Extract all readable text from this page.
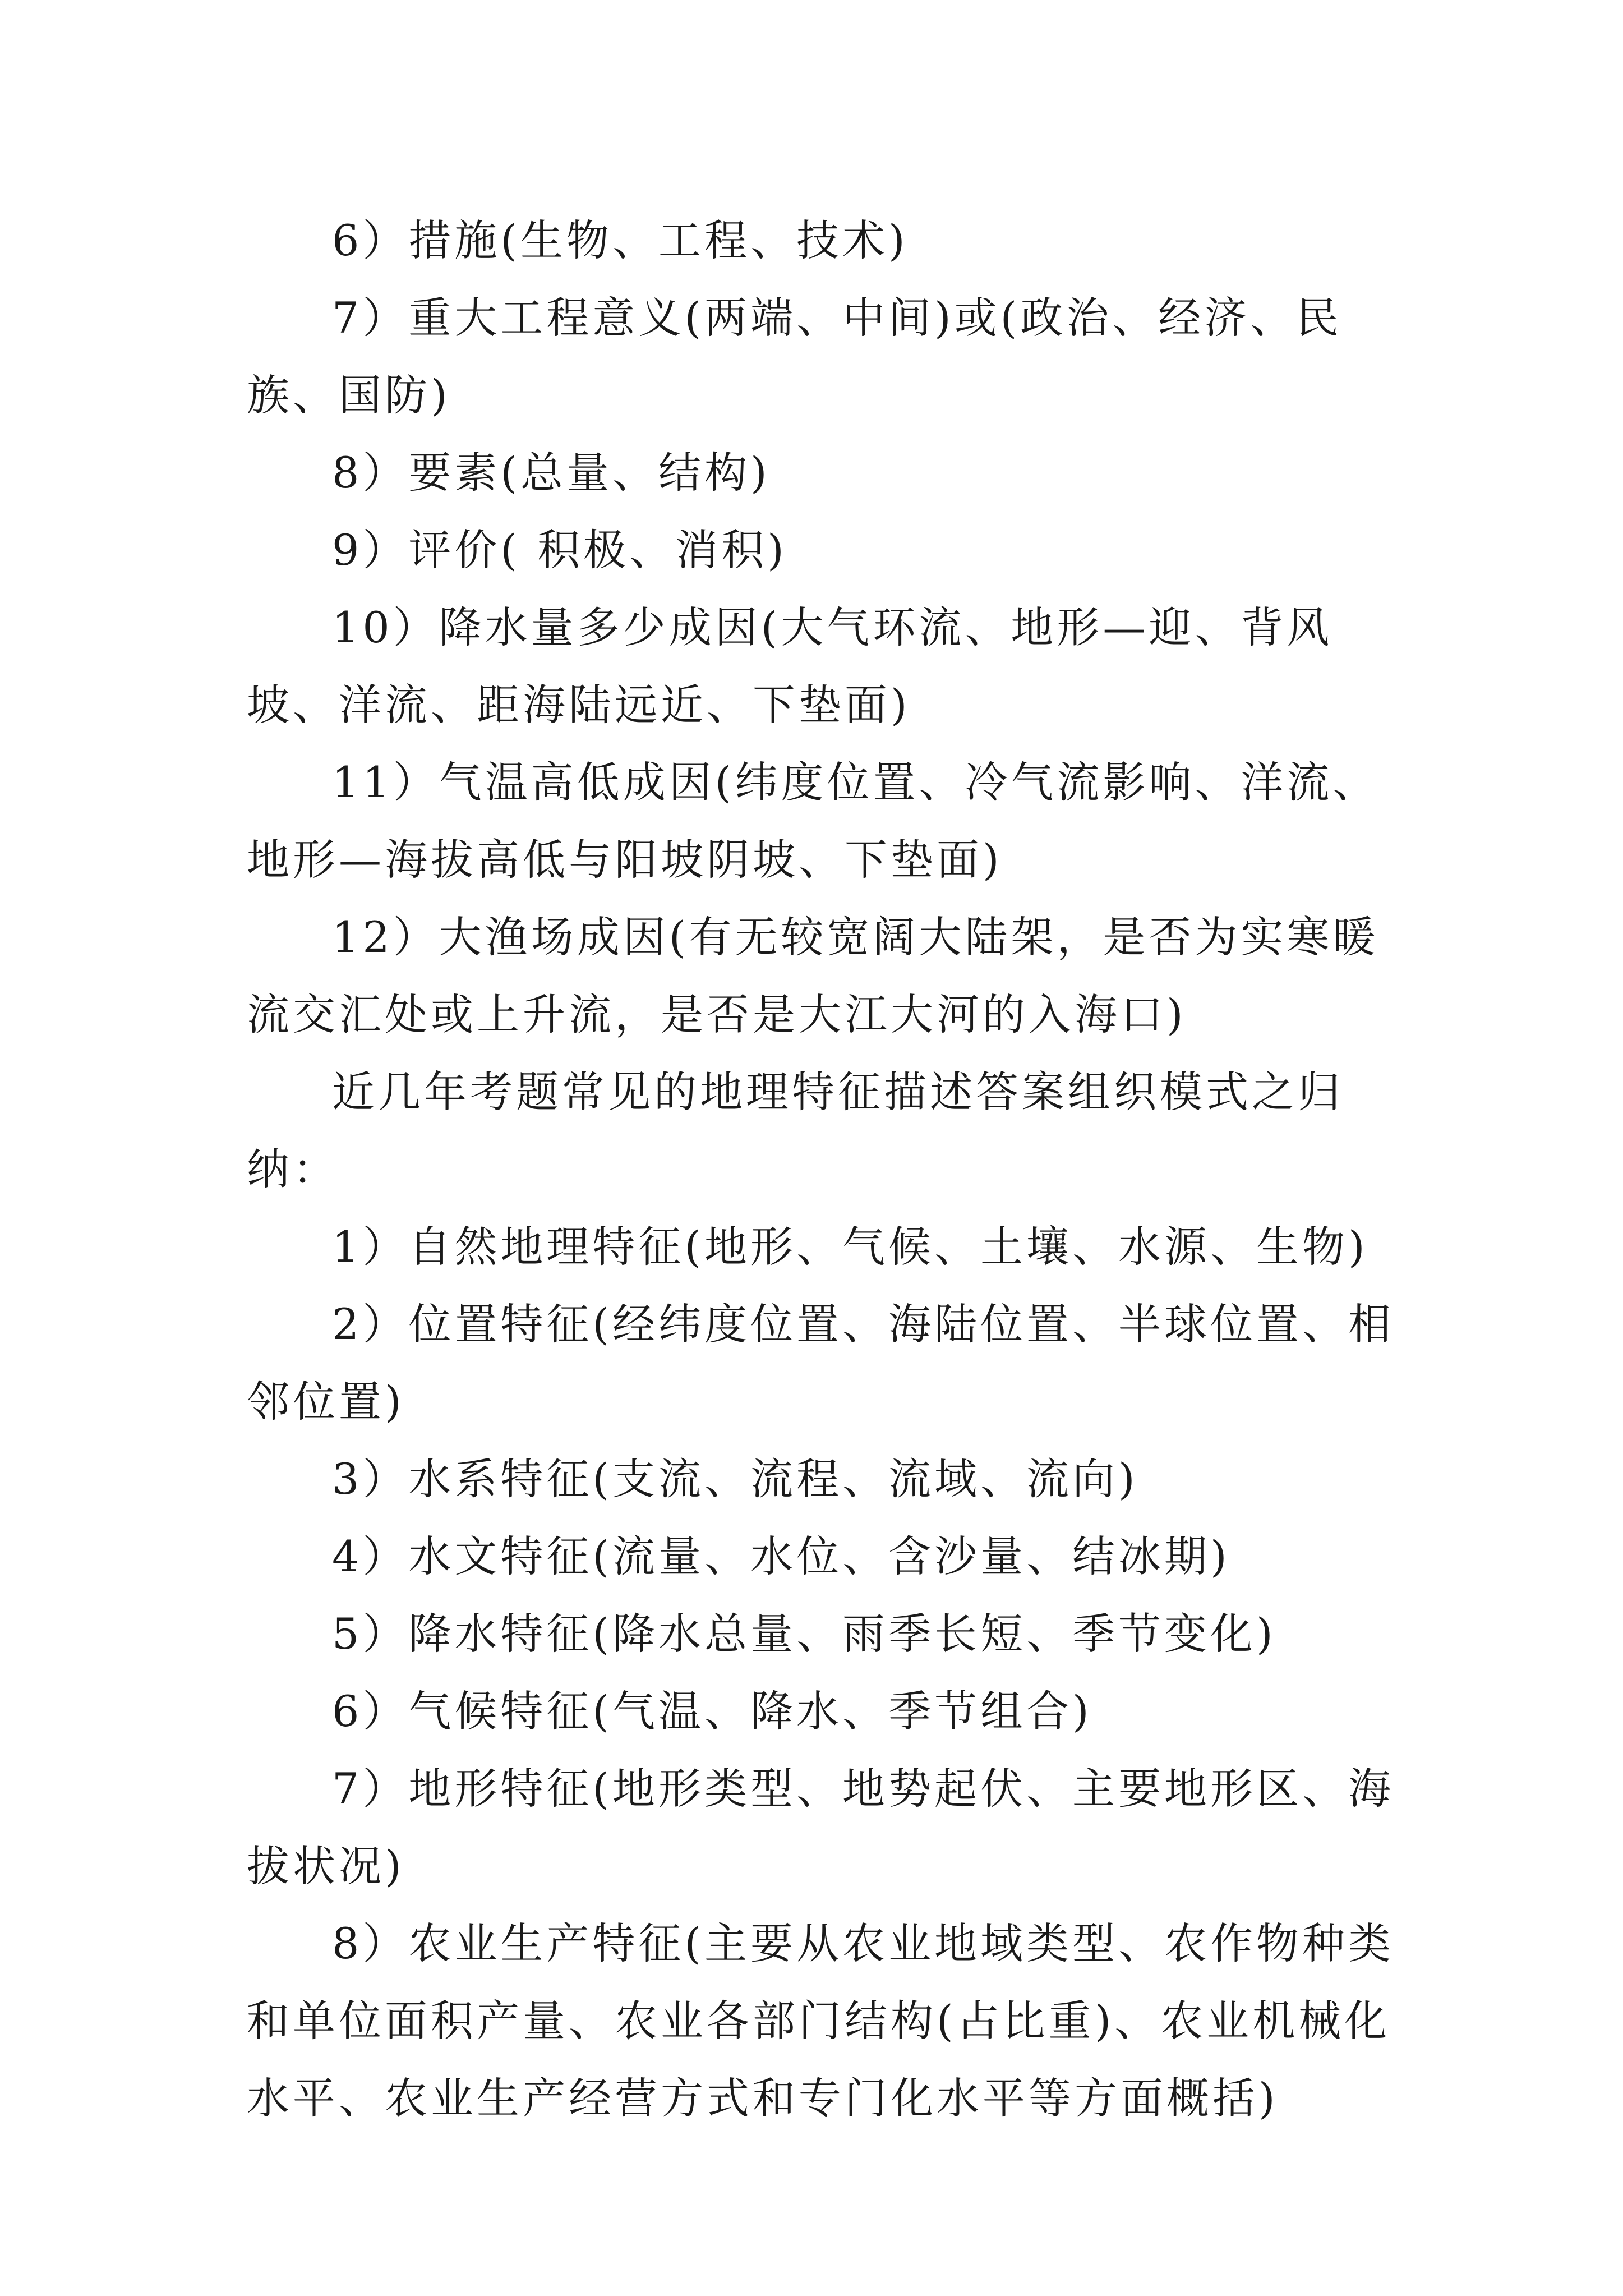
6）措施(生物、工程、技术)

7）重大工程意义(两端、中间)或(政治、经济、民族、国防)

8）要素(总量、结构)

9）评价( 积极、消积)

10）降水量多少成因(大气环流、地形—迎、背风坡、洋流、距海陆远近、下垫面)

11）气温高低成因(纬度位置、冷气流影响、洋流、地形—海拔高低与阳坡阴坡、下垫面)

12）大渔场成因(有无较宽阔大陆架，是否为实寒暖流交汇处或上升流，是否是大江大河的入海口)

近几年考题常见的地理特征描述答案组织模式之归纳：

1）自然地理特征(地形、气候、土壤、水源、生物)

2）位置特征(经纬度位置、海陆位置、半球位置、相邻位置)

3）水系特征(支流、流程、流域、流向)

4）水文特征(流量、水位、含沙量、结冰期)

5）降水特征(降水总量、雨季长短、季节变化)

6）气候特征(气温、降水、季节组合)

7）地形特征(地形类型、地势起伏、主要地形区、海拔状况)

8）农业生产特征(主要从农业地域类型、农作物种类和单位面积产量、农业各部门结构(占比重)、农业机械化水平、农业生产经营方式和专门化水平等方面概括)
